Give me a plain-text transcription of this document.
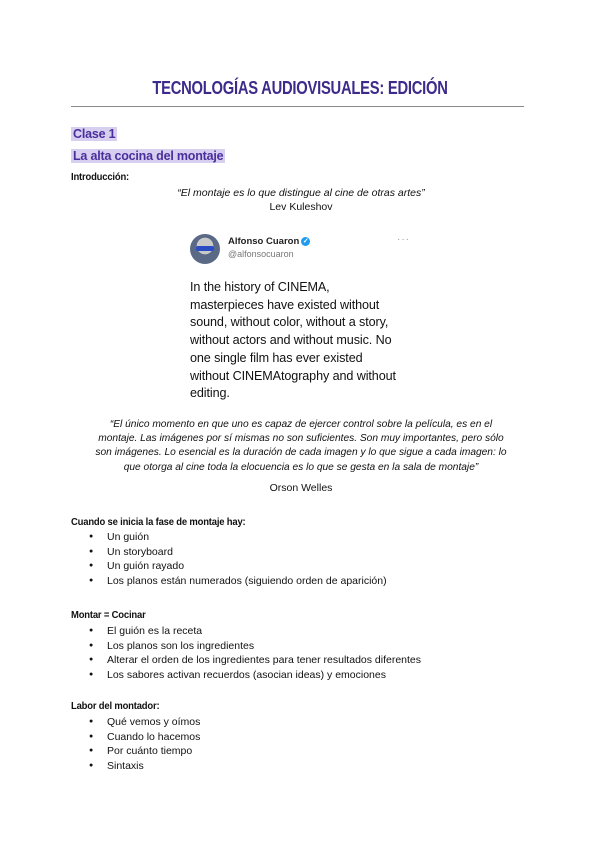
TECNOLOGÍAS AUDIOVISUALES: EDICIÓN
Clase 1
La alta cocina del montaje
Introducción:
“El montaje es lo que distingue al cine de otras artes”
Lev Kuleshov
Alfonso Cuaron ✓
@alfonsocuaron
···
In the history of CINEMA,
masterpieces have existed without
sound, without color, without a story,
without actors and without music. No
one single film has ever existed
without CINEMAtography and without
editing.
“El único momento en que uno es capaz de ejercer control sobre la película, es en el
montaje. Las imágenes por sí mismas no son suficientes. Son muy importantes, pero sólo
son imágenes. Lo esencial es la duración de cada imagen y lo que sigue a cada imagen: lo
que otorga al cine toda la elocuencia es lo que se gesta en la sala de montaje”
Orson Welles
Cuando se inicia la fase de montaje hay:
● Un guión
● Un storyboard
● Un guión rayado
● Los planos están numerados (siguiendo orden de aparición)
Montar = Cocinar
● El guión es la receta
● Los planos son los ingredientes
● Alterar el orden de los ingredientes para tener resultados diferentes
● Los sabores activan recuerdos (asocian ideas) y emociones
Labor del montador:
● Qué vemos y oímos
● Cuando lo hacemos
● Por cuánto tiempo
● Sintaxis
